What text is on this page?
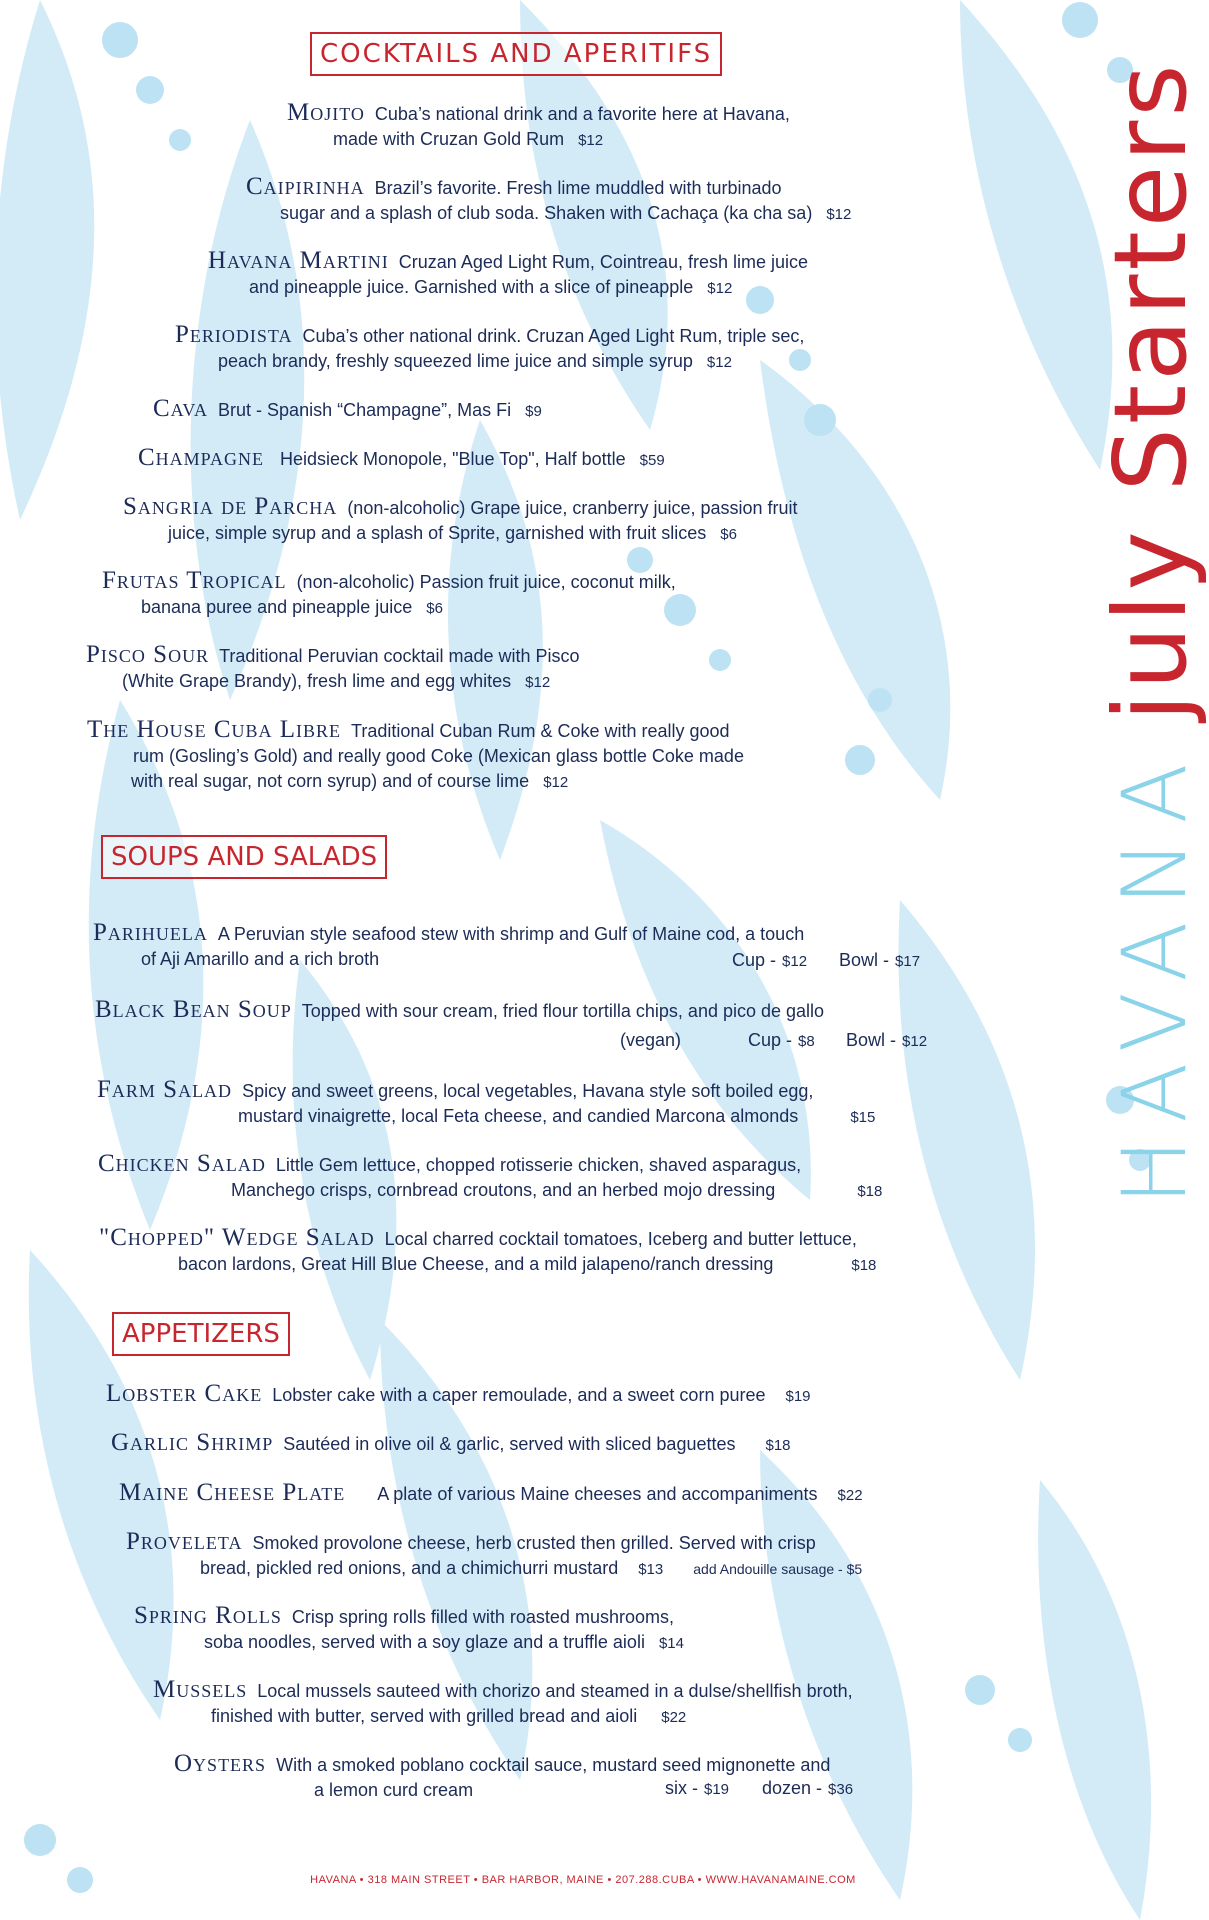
COCKTAILS AND APERITIFS
Mojito Cuba’s national drink and a favorite here at Havana,
made with Cruzan Gold Rum $12
Caipirinha Brazil’s favorite. Fresh lime muddled with turbinado
sugar and a splash of club soda. Shaken with Cachaça (ka cha sa) $12
Havana Martini Cruzan Aged Light Rum, Cointreau, fresh lime juice
and pineapple juice. Garnished with a slice of pineapple $12
Periodista Cuba’s other national drink. Cruzan Aged Light Rum, triple sec,
peach brandy, freshly squeezed lime juice and simple syrup $12
Cava Brut - Spanish “Champagne”, Mas Fi $9
Champagne Heidsieck Monopole, "Blue Top", Half bottle $59
Sangria de Parcha (non-alcoholic) Grape juice, cranberry juice, passion fruit
juice, simple syrup and a splash of Sprite, garnished with fruit slices $6
Frutas Tropical (non-alcoholic) Passion fruit juice, coconut milk,
banana puree and pineapple juice $6
Pisco Sour Traditional Peruvian cocktail made with Pisco
(White Grape Brandy), fresh lime and egg whites $12
The House Cuba Libre Traditional Cuban Rum & Coke with really good
rum (Gosling’s Gold) and really good Coke (Mexican glass bottle Coke made
with real sugar, not corn syrup) and of course lime $12
SOUPS AND SALADS
Parihuela A Peruvian style seafood stew with shrimp and Gulf of Maine cod, a touch
of Aji Amarillo and a rich broth	Cup - $12 Bowl - $17
Black Bean Soup Topped with sour cream, fried flour tortilla chips, and pico de gallo
(vegan)	Cup - $8 Bowl - $12
Farm Salad Spicy and sweet greens, local vegetables, Havana style soft boiled egg,
mustard vinaigrette, local Feta cheese, and candied Marcona almonds	$15
Chicken Salad Little Gem lettuce, chopped rotisserie chicken, shaved asparagus,
Manchego crisps, cornbread croutons, and an herbed mojo dressing	$18
"Chopped" Wedge Salad Local charred cocktail tomatoes, Iceberg and butter lettuce,
bacon lardons, Great Hill Blue Cheese, and a mild jalapeno/ranch dressing	$18
APPETIZERS
Lobster Cake Lobster cake with a caper remoulade, and a sweet corn puree $19
Garlic Shrimp Sautéed in olive oil & garlic, served with sliced baguettes $18
Maine Cheese Plate A plate of various Maine cheeses and accompaniments $22
Proveleta Smoked provolone cheese, herb crusted then grilled. Served with crisp
bread, pickled red onions, and a chimichurri mustard $13 add Andouille sausage - $5
Spring Rolls Crisp spring rolls filled with roasted mushrooms,
soba noodles, served with a soy glaze and a truffle aioli $14
Mussels Local mussels sauteed with chorizo and steamed in a dulse/shellfish broth,
finished with butter, served with grilled bread and aioli $22
Oysters With a smoked poblano cocktail sauce, mustard seed mignonette and
a lemon curd cream	six - $19 dozen - $36
HAVANAjuly Starters
HAVANA • 318 MAIN STREET • BAR HARBOR, MAINE • 207.288.CUBA • WWW.HAVANAMAINE.COM
